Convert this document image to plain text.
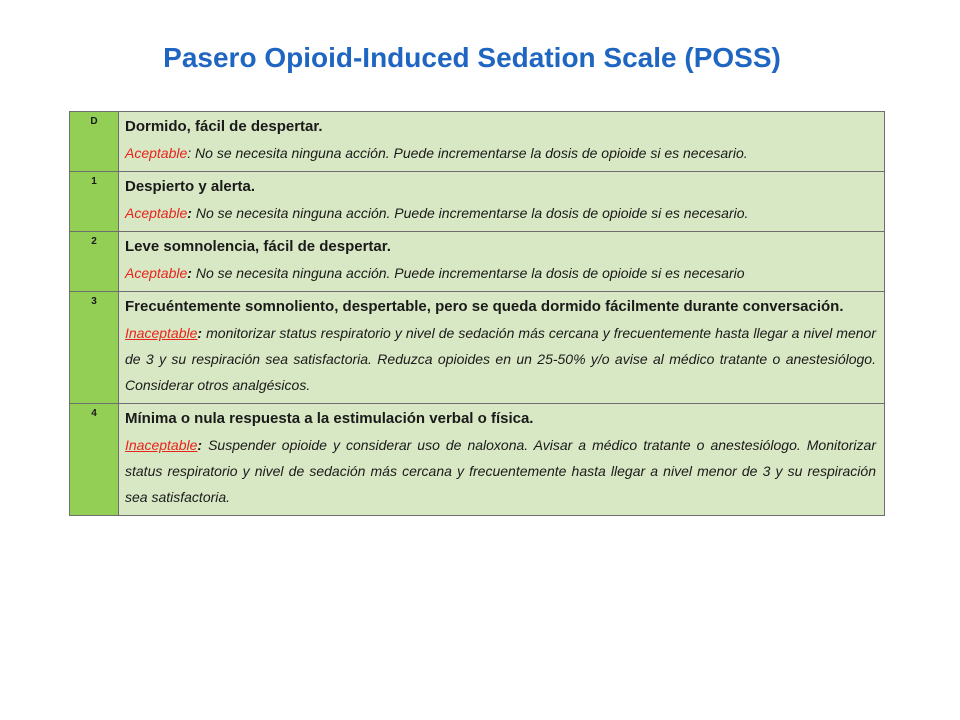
Pasero Opioid-Induced Sedation Scale (POSS)
D	Dormido, fácil de despertar.
Aceptable: No se necesita ninguna acción. Puede incrementarse la dosis de opioide si es necesario.

1	Despierto y alerta.
Aceptable: No se necesita ninguna acción. Puede incrementarse la dosis de opioide si es necesario.

2	Leve somnolencia, fácil de despertar.
Aceptable: No se necesita ninguna acción. Puede incrementarse la dosis de opioide si es necesario

3	Frecuéntemente somnoliento, despertable, pero se queda dormido fácilmente durante conversación.
Inaceptable: monitorizar status respiratorio y nivel de sedación más cercana y frecuentemente hasta llegar a nivel menor de 3 y su respiración sea satisfactoria. Reduzca opioides en un 25-50% y/o avise al médico tratante o anestesiólogo. Considerar otros analgésicos.

4	Mínima o nula respuesta a la estimulación verbal o física.
Inaceptable: Suspender opioide y considerar uso de naloxona. Avisar a médico tratante o anestesiólogo. Monitorizar status respiratorio y nivel de sedación más cercana y frecuentemente hasta llegar a nivel menor de 3 y su respiración sea satisfactoria.
